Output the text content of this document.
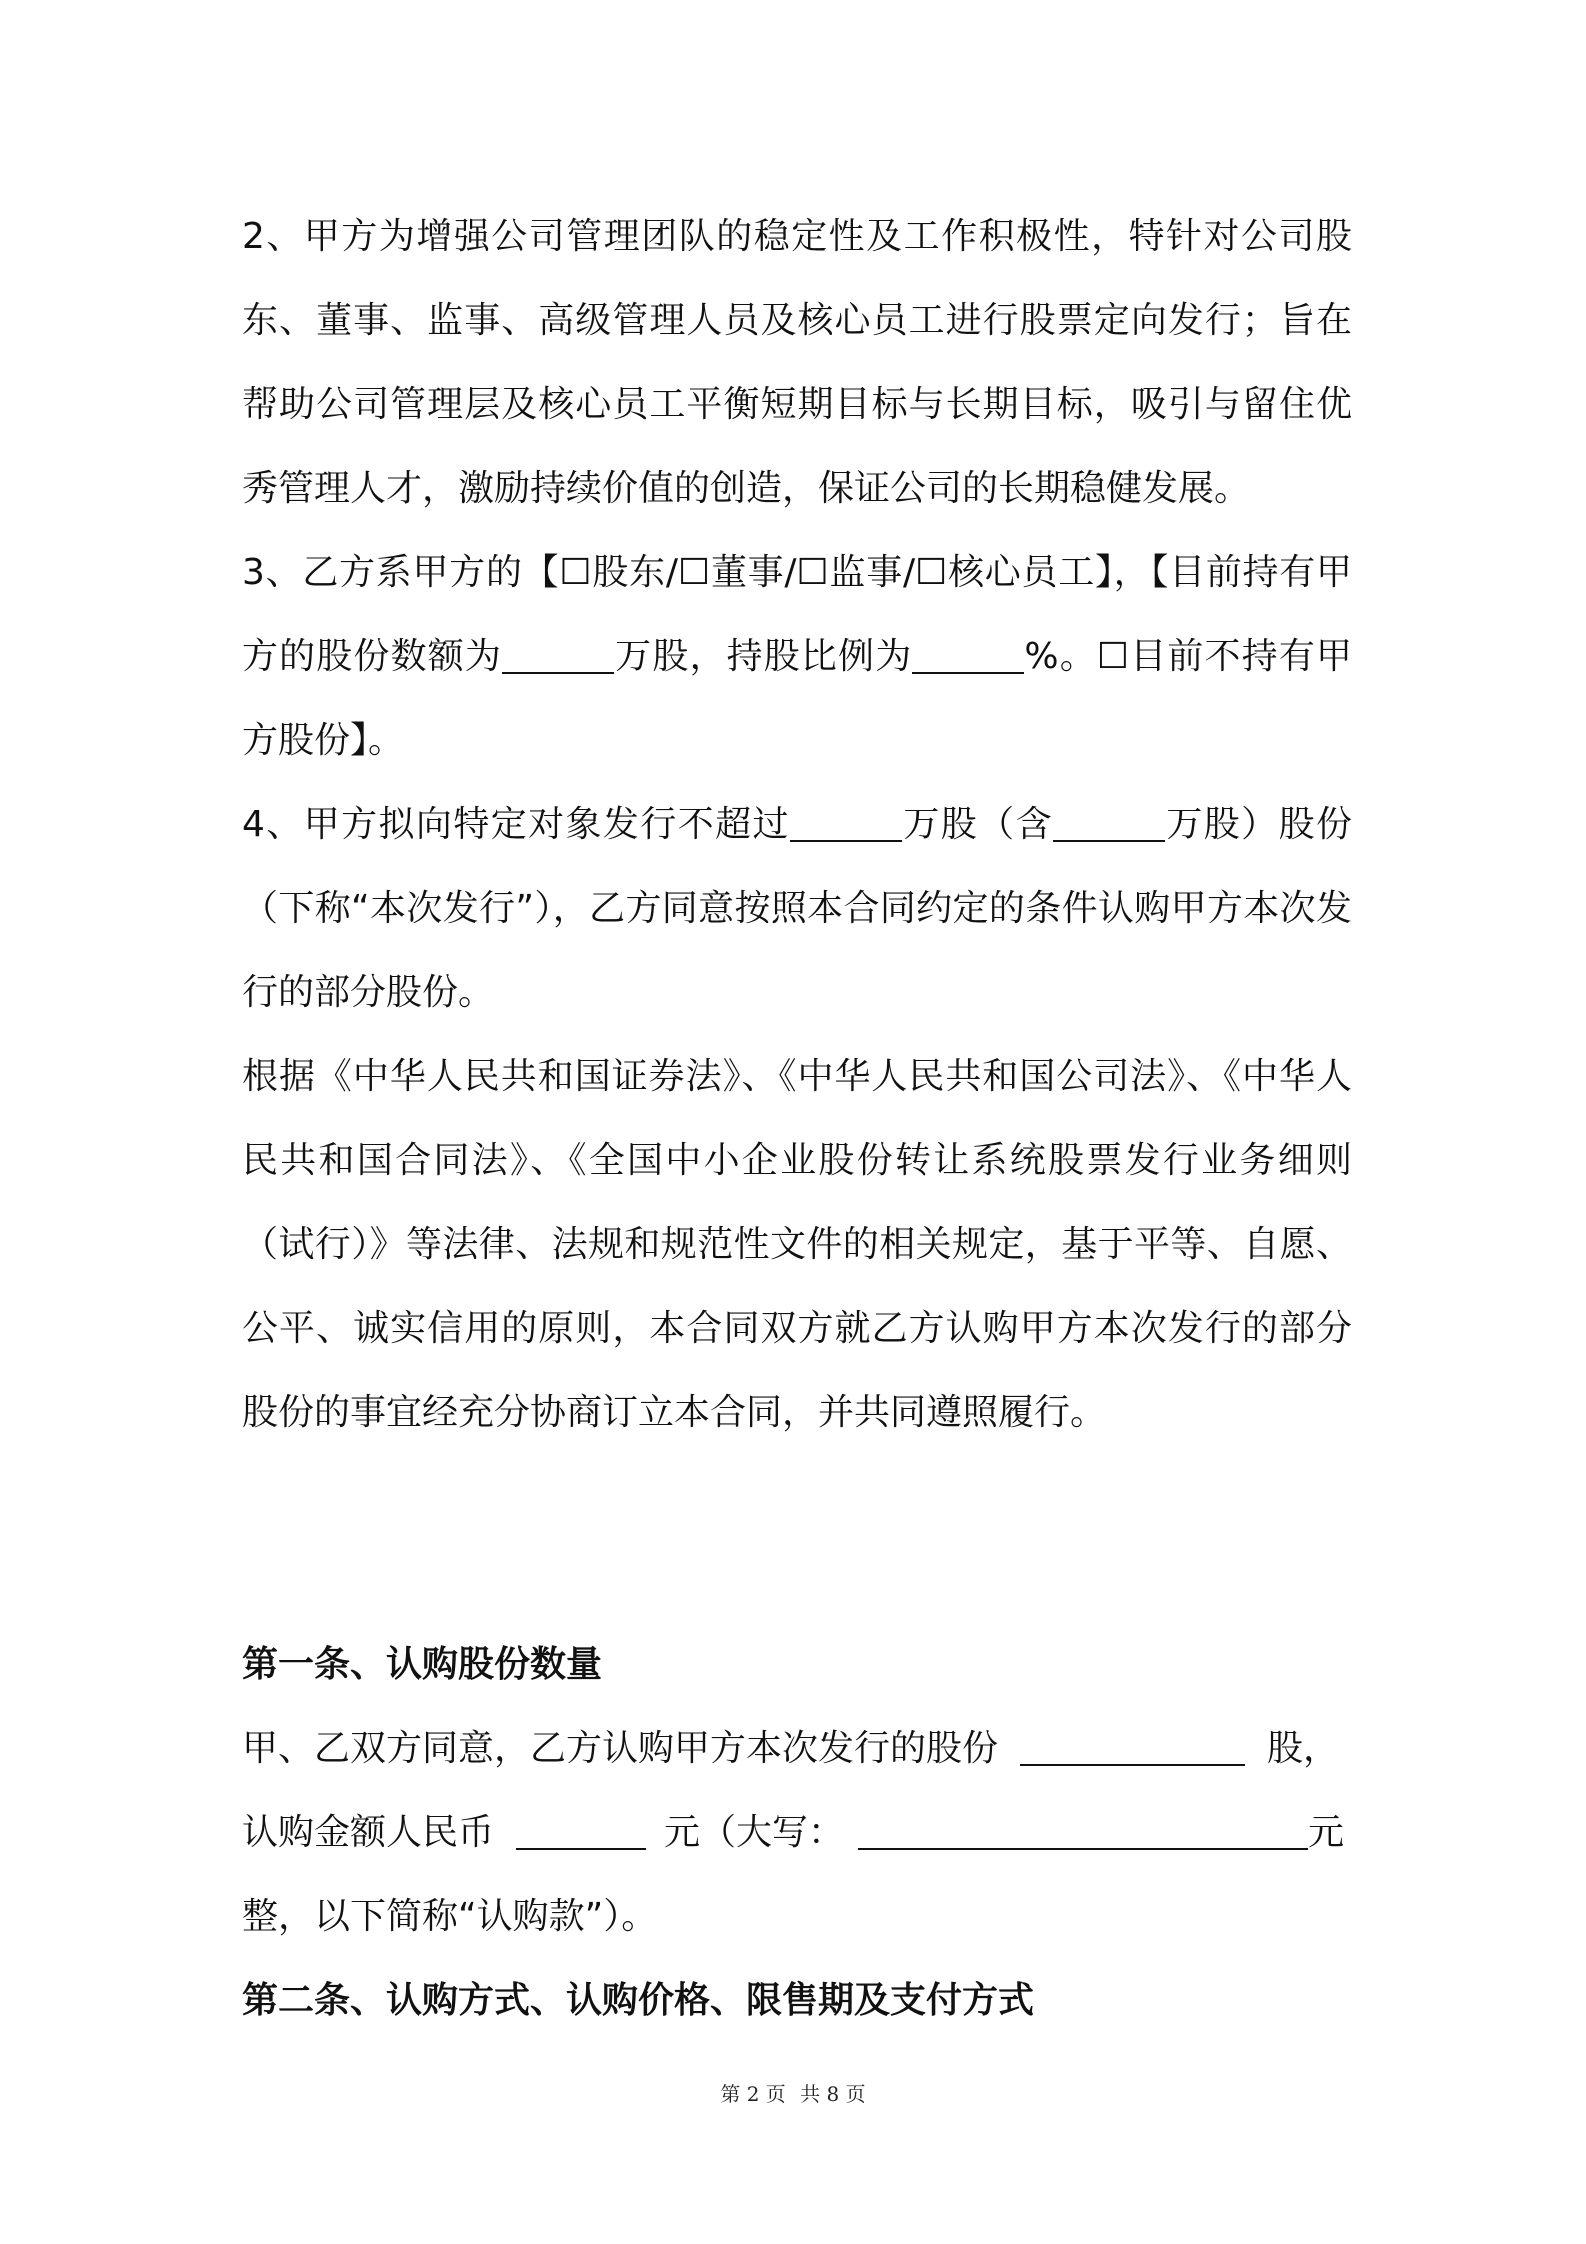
2、甲方为增强公司管理团队的稳定性及工作积极性，特针对公司股东、董事、监事、高级管理人员及核心员工进行股票定向发行；旨在帮助公司管理层及核心员工平衡短期目标与长期目标，吸引与留住优秀管理人才，激励持续价值的创造，保证公司的长期稳健发展。

3、乙方系甲方的【☐股东/☐董事/☐监事/☐核心员工】，【目前持有甲方的股份数额为	万股，持股比例为	%。☐目前不持有甲方股份】。

4、甲方拟向特定对象发行不超过	万股（含	万股）股份（下称“本次发行”），乙方同意按照本合同约定的条件认购甲方本次发行的部分股份。

根据《中华人民共和国证券法》、《中华人民共和国公司法》、《中华人民共和国合同法》、《全国中小企业股份转让系统股票发行业务细则（试行）》等法律、法规和规范性文件的相关规定，基于平等、自愿、公平、诚实信用的原则，本合同双方就乙方认购甲方本次发行的部分股份的事宜经充分协商订立本合同，并共同遵照履行。

第一条、认购股份数量

甲、乙双方同意，乙方认购甲方本次发行的股份	股，

认购金额人民币	元（大写：	元

整，以下简称“认购款”）。

第二条、认购方式、认购价格、限售期及支付方式

第 2 页 共 8 页
